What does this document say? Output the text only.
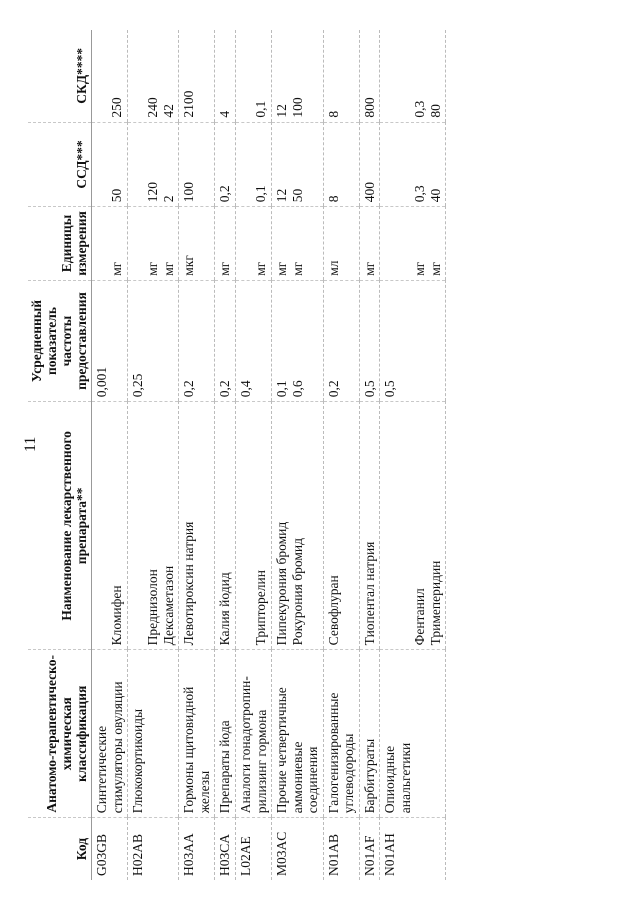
11
Код	Анатомо-терапевтическо-химическая классификация	Наименование лекарственного препарата**	Усредненный показатель частоты предоставления	Единицы измерения	ССД***	СКД****

G03GB	Синтетические стимуляторы овуляции	Кломифен	0,001	мг	50	250

H02AB	Глюкокортикоиды	Преднизолон Дексаметазон	0,25	мг мг	120 2	240 42

H03AA	Гормоны щитовидной железы	Левотироксин натрия	0,2	мкг	100	2100

H03CA	Препараты йода	Калия йодид	0,2	мг	0,2	4

L02AE	Аналоги гонадотропин- рилизинг гормона	Трипторелин	0,4	мг	0,1	0,1

M03AC	Прочие четвертичные аммониевые соединения	Пипекурония бромид Рокурония бромид	0,1 0,6	мг мг	12 50	12 100

N01AB	Галогенизированные углеводороды	Севофлуран	0,2	мл	8	8

N01AF	Барбитураты	Тиопентал натрия	0,5	мг	400	800

N01AH	Опиоидные анальгетики	Фентанил Тримеперидин	0,5	мг мг	0,3 40	0,3 80
